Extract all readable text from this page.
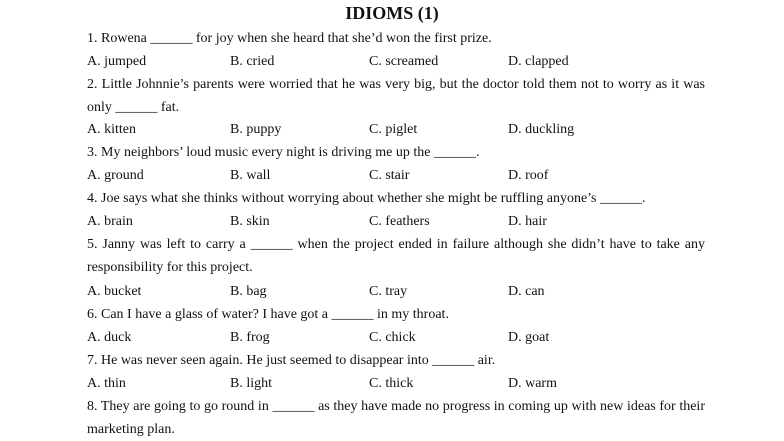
IDIOMS (1)
1. Rowena ______ for joy when she heard that she’d won the first prize.
A. jumped	B. cried	C. screamed	D. clapped
2. Little Johnnie’s parents were worried that he was very big, but the doctor told them not to worry as it was only ______ fat.
A. kitten	B. puppy	C. piglet	D. duckling
3. My neighbors’ loud music every night is driving me up the ______.
A. ground	B. wall	C. stair	D. roof
4. Joe says what she thinks without worrying about whether she might be ruffling anyone’s ______.
A. brain	B. skin	C. feathers	D. hair
5. Janny was left to carry a ______ when the project ended in failure although she didn’t have to take any responsibility for this project.
A. bucket	B. bag	C. tray	D. can
6. Can I have a glass of water? I have got a ______ in my throat.
A. duck	B. frog	C. chick	D. goat
7. He was never seen again. He just seemed to disappear into ______ air.
A. thin	B. light	C. thick	D. warm
8. They are going to go round in ______ as they have made no progress in coming up with new ideas for their marketing plan.
